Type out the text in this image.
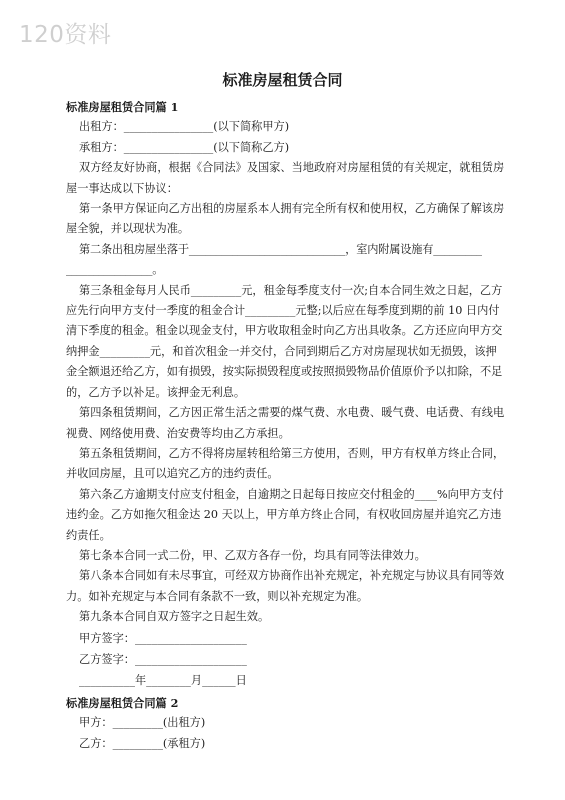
120资料
标准房屋租赁合同

标准房屋租赁合同篇 1

出租方：________________(以下简称甲方)

承租方：________________(以下简称乙方)

双方经友好协商，根据《合同法》及国家、当地政府对房屋租赁的有关规定，就租赁房屋一事达成以下协议：

第一条甲方保证向乙方出租的房屋系本人拥有完全所有权和使用权，乙方确保了解该房屋全貌，并以现状为准。

第二条出租房屋坐落于_____________________________，室内附属设施有_________ ________________。

第三条租金每月人民币_________元，租金每季度支付一次;自本合同生效之日起，乙方应先行向甲方支付一季度的租金合计_________元整;以后应在每季度到期的前 10 日内付清下季度的租金。租金以现金支付，甲方收取租金时向乙方出具收条。乙方还应向甲方交纳押金_________元，和首次租金一并交付，合同到期后乙方对房屋现状如无损毁，该押金全额退还给乙方，如有损毁，按实际损毁程度或按照损毁物品价值原价予以扣除，不足的，乙方予以补足。该押金无利息。

第四条租赁期间，乙方因正常生活之需要的煤气费、水电费、暖气费、电话费、有线电视费、网络使用费、治安费等均由乙方承担。

第五条租赁期间，乙方不得将房屋转租给第三方使用，否则，甲方有权单方终止合同，并收回房屋，且可以追究乙方的违约责任。

第六条乙方逾期支付应支付租金，自逾期之日起每日按应交付租金的____%向甲方支付违约金。乙方如拖欠租金达 20 天以上，甲方单方终止合同，有权收回房屋并追究乙方违约责任。

第七条本合同一式二份，甲、乙双方各存一份，均具有同等法律效力。

第八条本合同如有未尽事宜，可经双方协商作出补充规定，补充规定与协议具有同等效力。如补充规定与本合同有条款不一致，则以补充规定为准。

第九条本合同自双方签字之日起生效。

甲方签字：____________________

乙方签字：____________________

__________年________月______日

标准房屋租赁合同篇 2

甲方：_________(出租方)

乙方：_________(承租方)
